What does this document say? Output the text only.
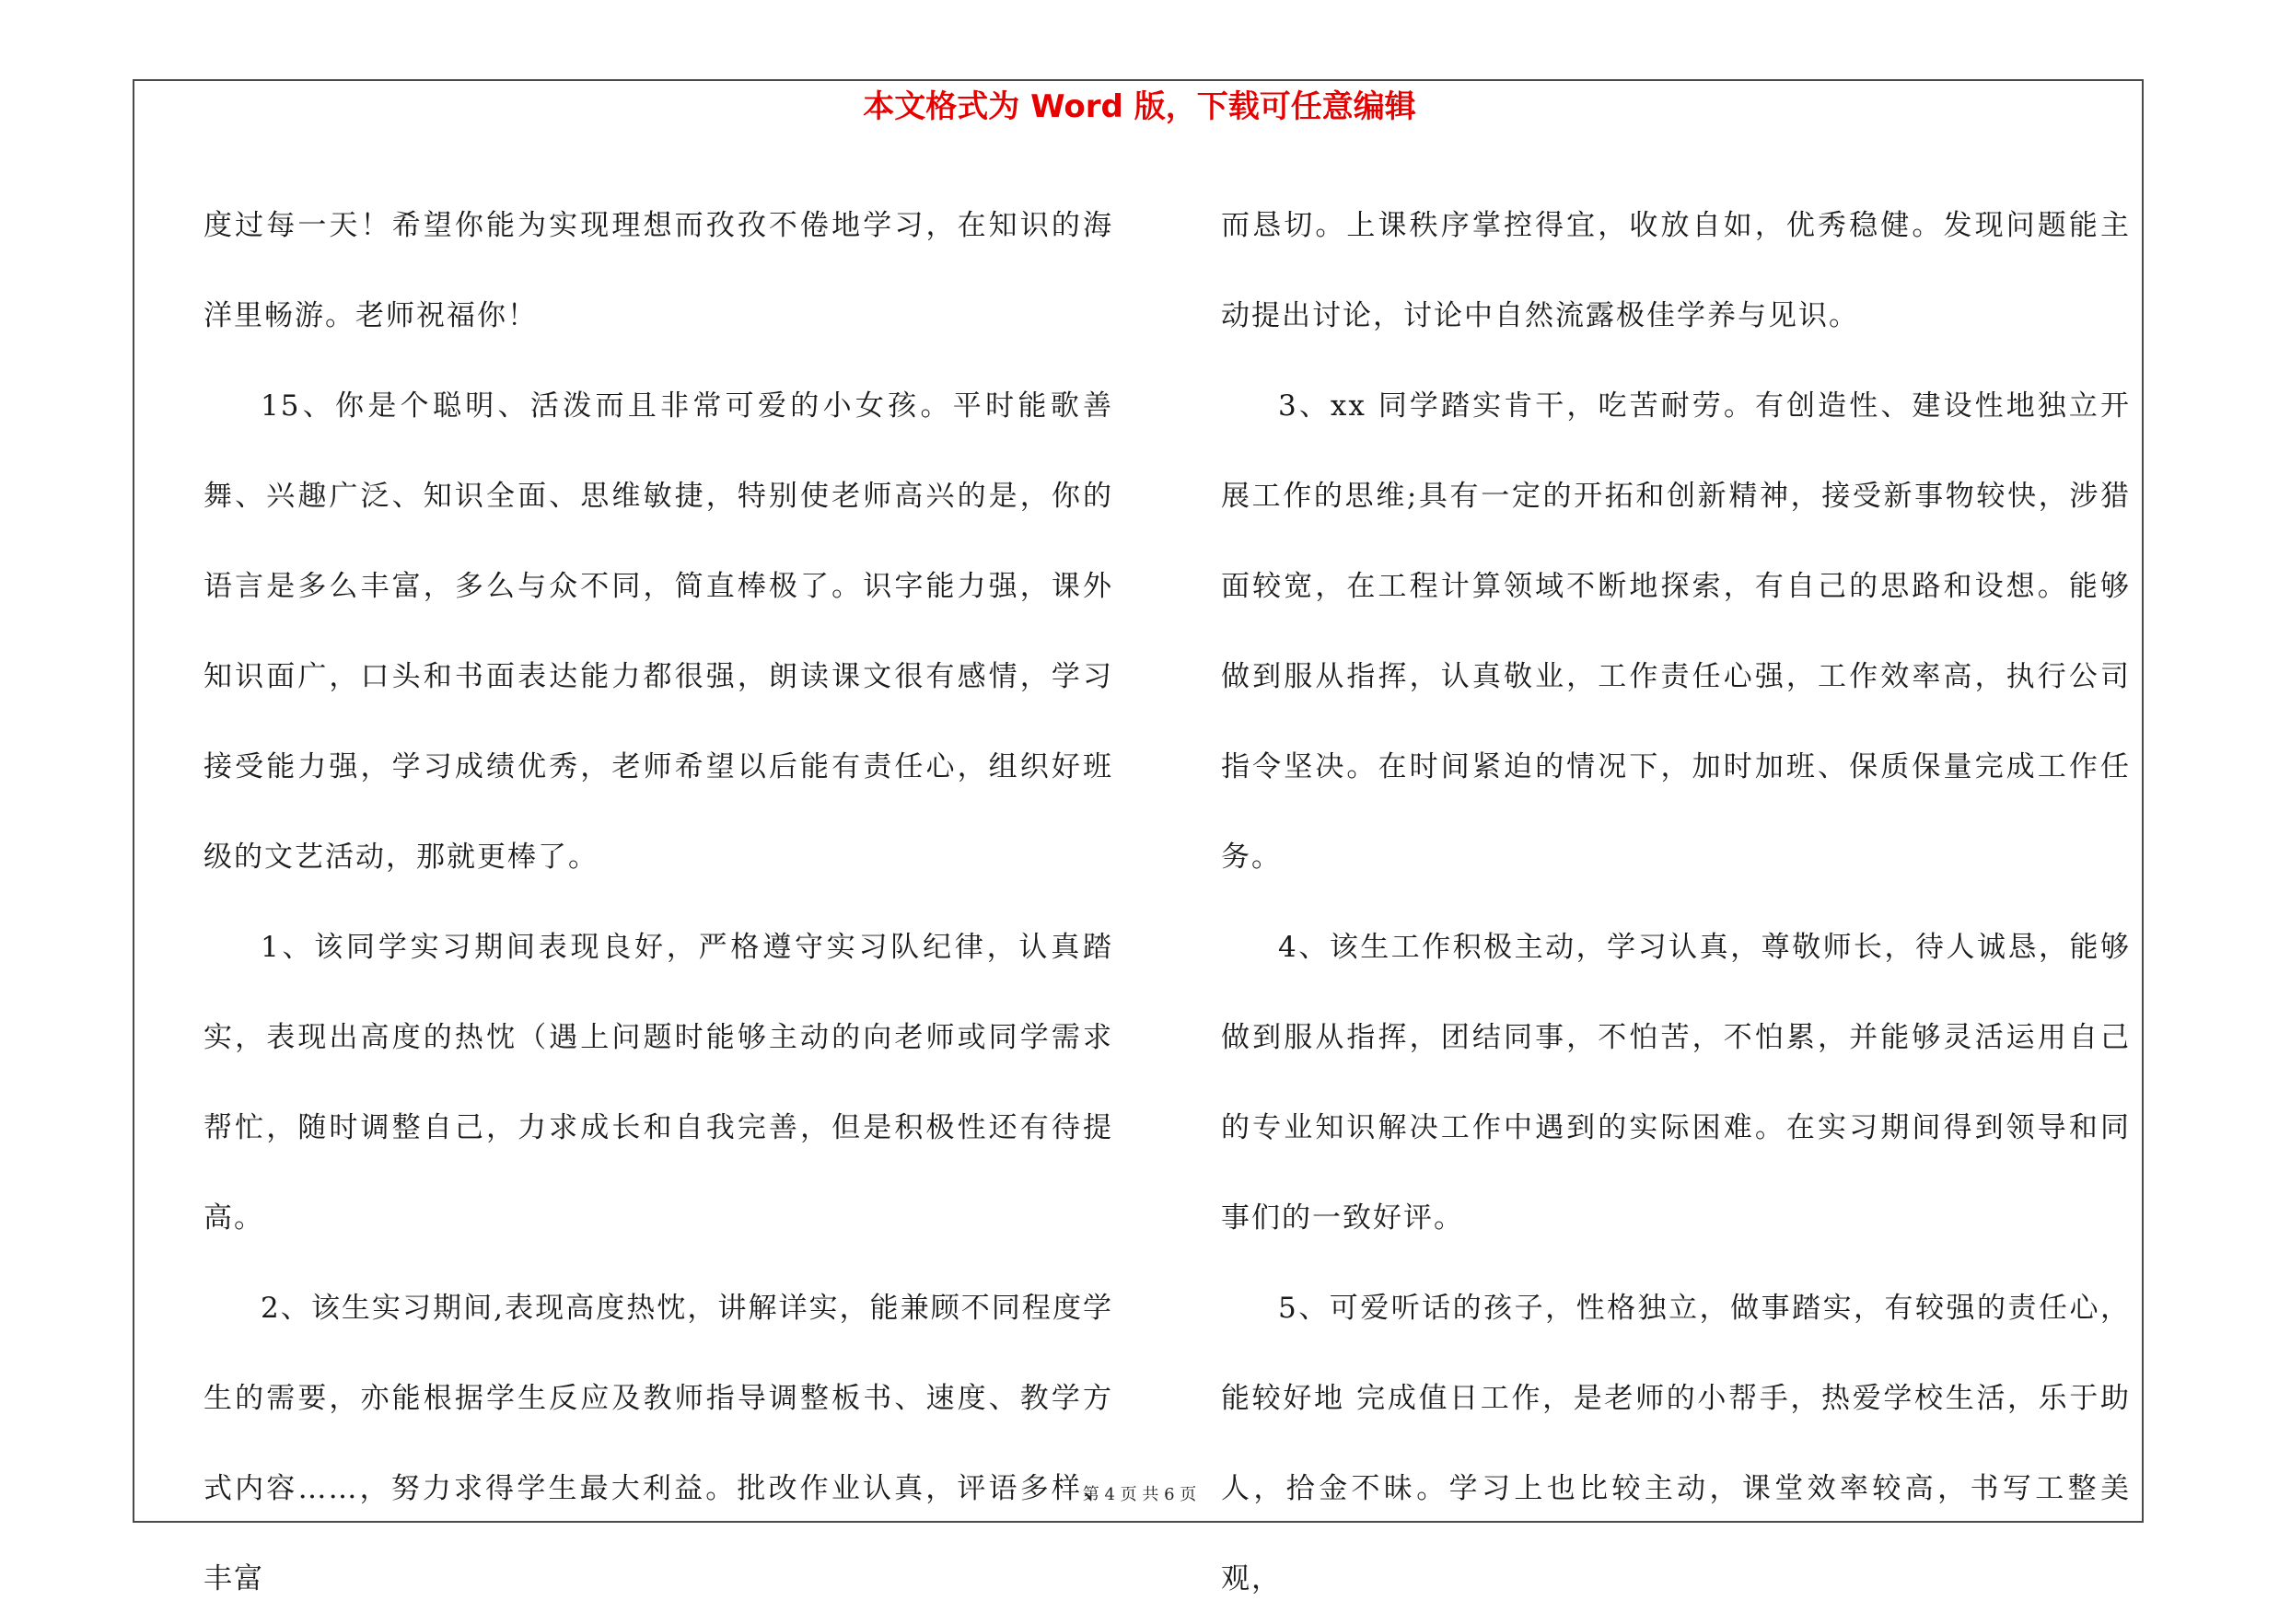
本文格式为 Word 版，下载可任意编辑

度过每一天！希望你能为实现理想而孜孜不倦地学习，在知识的海洋里畅游。老师祝福你！

15、你是个聪明、活泼而且非常可爱的小女孩。平时能歌善舞、兴趣广泛、知识全面、思维敏捷，特别使老师高兴的是，你的语言是多么丰富，多么与众不同，简直棒极了。识字能力强，课外知识面广，口头和书面表达能力都很强，朗读课文很有感情，学习接受能力强，学习成绩优秀，老师希望以后能有责任心，组织好班级的文艺活动，那就更棒了。

1、该同学实习期间表现良好，严格遵守实习队纪律，认真踏实，表现出高度的热忱（遇上问题时能够主动的向老师或同学需求帮忙，随时调整自己，力求成长和自我完善，但是积极性还有待提高。

2、该生实习期间,表现高度热忱，讲解详实，能兼顾不同程度学生的需要，亦能根据学生反应及教师指导调整板书、速度、教学方式内容……，努力求得学生最大利益。批改作业认真，评语多样、丰富

而恳切。上课秩序掌控得宜，收放自如，优秀稳健。发现问题能主动提出讨论，讨论中自然流露极佳学养与见识。

3、xx 同学踏实肯干，吃苦耐劳。有创造性、建设性地独立开展工作的思维;具有一定的开拓和创新精神，接受新事物较快，涉猎面较宽，在工程计算领域不断地探索，有自己的思路和设想。能够做到服从指挥，认真敬业，工作责任心强，工作效率高，执行公司指令坚决。在时间紧迫的情况下，加时加班、保质保量完成工作任务。

4、该生工作积极主动，学习认真，尊敬师长，待人诚恳，能够做到服从指挥，团结同事，不怕苦，不怕累，并能够灵活运用自己的专业知识解决工作中遇到的实际困难。在实习期间得到领导和同事们的一致好评。

5、可爱听话的孩子，性格独立，做事踏实，有较强的责任心，能较好地 完成值日工作，是老师的小帮手，热爱学校生活，乐于助人，拾金不昧。学习上也比较主动，课堂效率较高，书写工整美观，

第 4 页 共 6 页
